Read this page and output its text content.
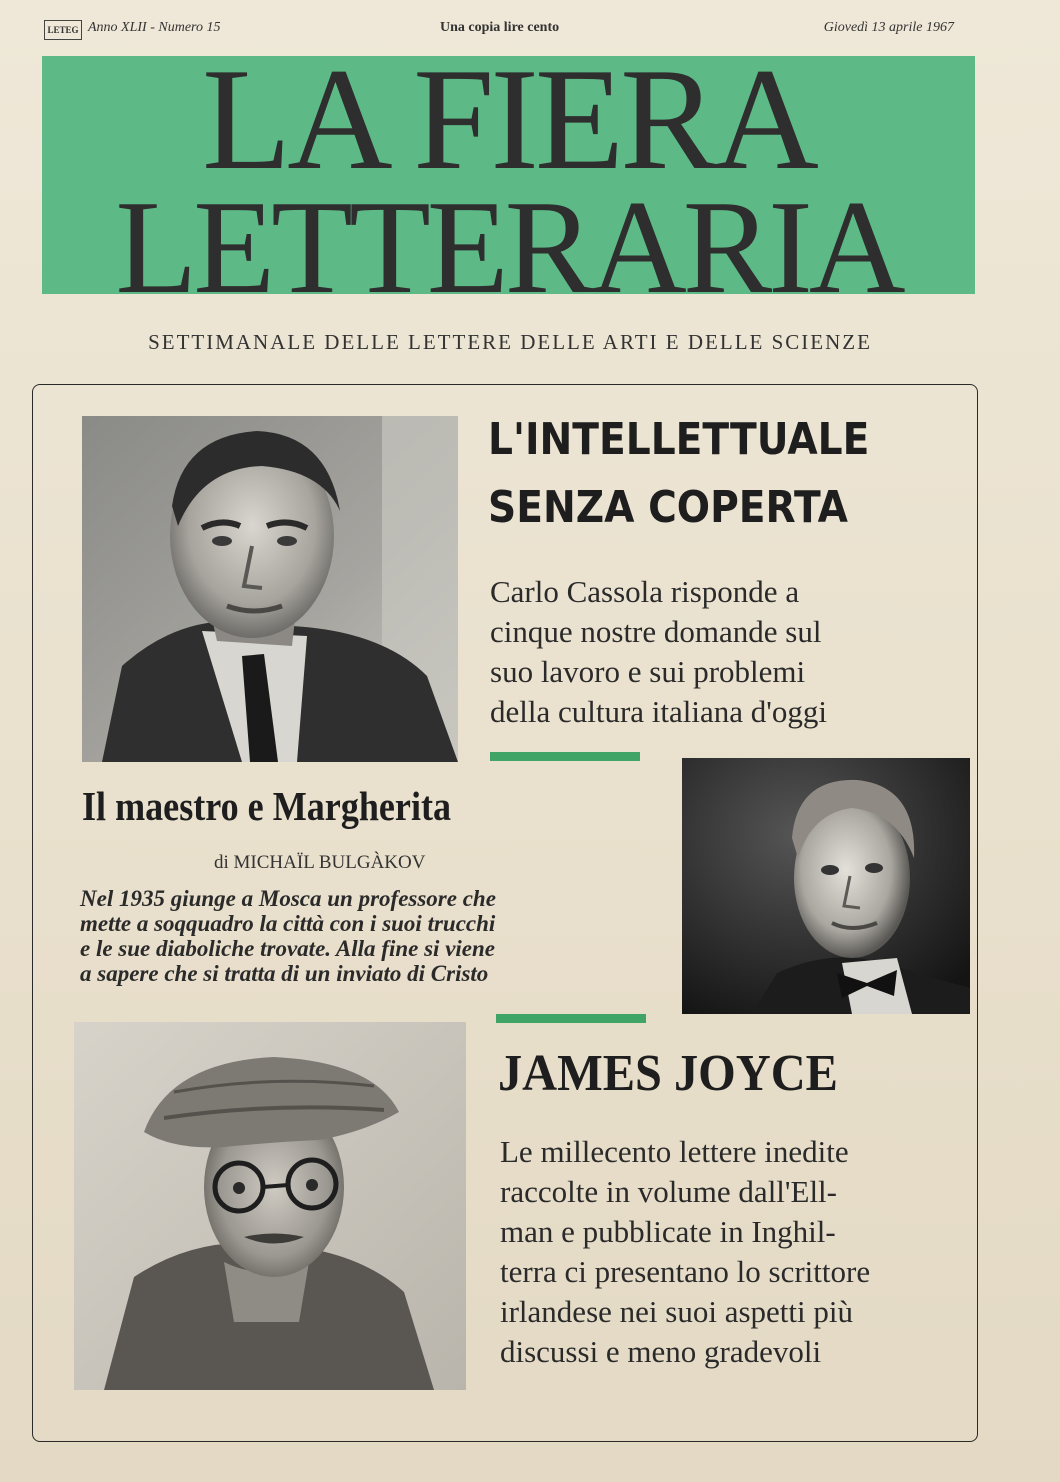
LETEG Anno XLII - Numero 15	Una copia lire cento	Giovedì 13 aprile 1967
LA FIERA
LETTERARIA
SETTIMANALE DELLE LETTERE DELLE ARTI E DELLE SCIENZE
L'INTELLETTUALE
SENZA COPERTA
Carlo Cassola risponde a
cinque nostre domande sul
suo lavoro e sui problemi
della cultura italiana d'oggi
Il maestro e Margherita
di MICHAÏL BULGÀKOV
Nel 1935 giunge a Mosca un professore che
mette a soqquadro la città con i suoi trucchi
e le sue diaboliche trovate. Alla fine si viene
a sapere che si tratta di un inviato di Cristo
JAMES JOYCE
Le millecento lettere inedite
raccolte in volume dall'Ell-
man e pubblicate in Inghil-
terra ci presentano lo scrittore
irlandese nei suoi aspetti più
discussi e meno gradevoli
